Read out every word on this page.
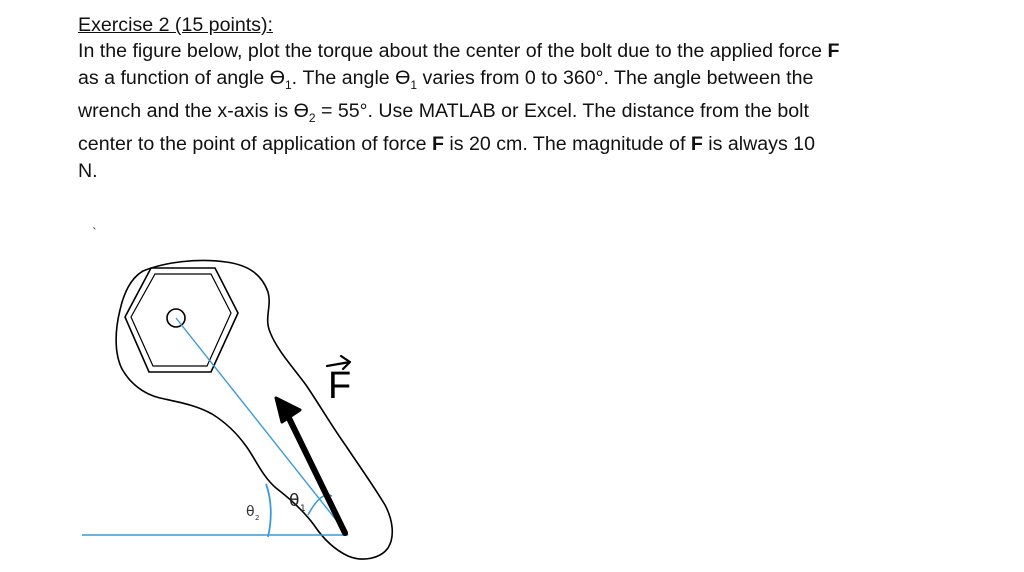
Exercise 2 (15 points):
In the figure below, plot the torque about the center of the bolt due to the applied force F
as a function of angle $ϴ_1$. The angle $ϴ_1$ varies from 0 to 360°. The angle between the
wrench and the x-axis is $ϴ_2 = 55^\circ$. Use MATLAB or Excel. The distance from the bolt
center to the point of application of force F is 20 cm. The magnitude of F is always 10
N.
`
F
θ 1
θ 2
